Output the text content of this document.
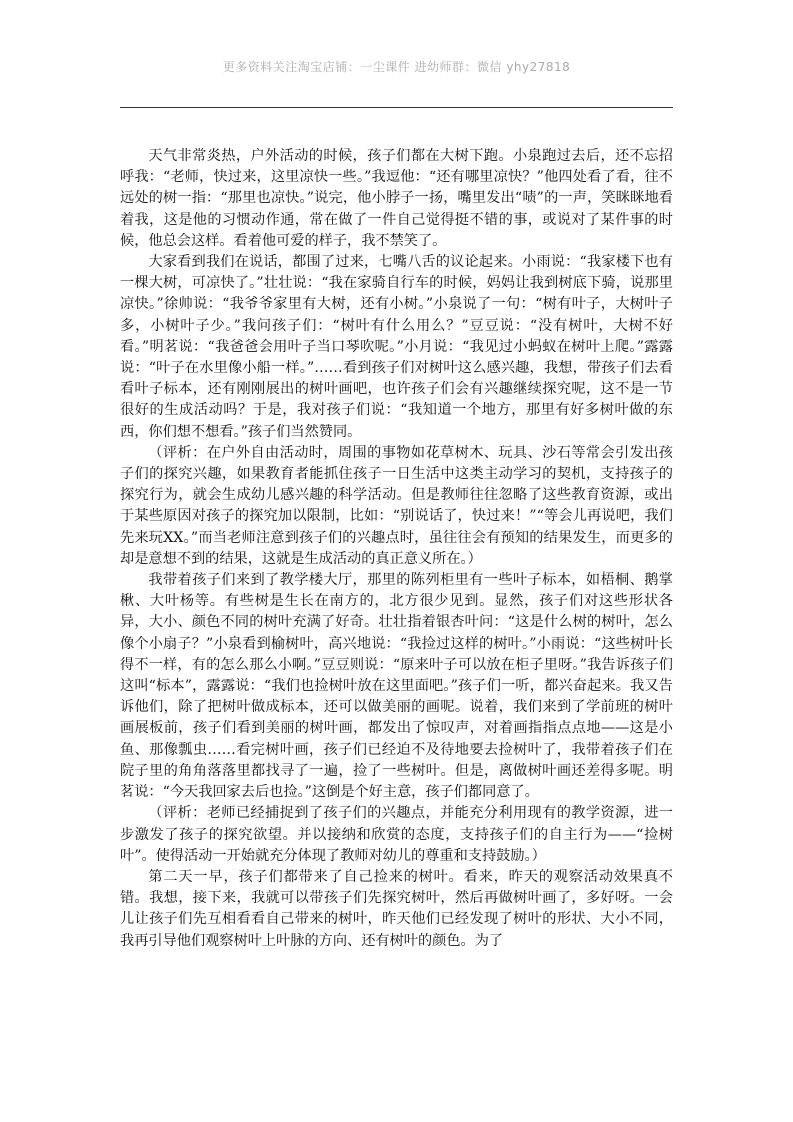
更多资料关注淘宝店铺：一尘课件 进幼师群：微信 yhy27818

天气非常炎热，户外活动的时候，孩子们都在大树下跑。小泉跑过去后，还不忘招呼我：“老师，快过来，这里凉快一些。”我逗他：“还有哪里凉快？”他四处看了看，往不远处的树一指：“那里也凉快。”说完，他小脖子一扬，嘴里发出“啧”的一声，笑眯眯地看着我，这是他的习惯动作通，常在做了一件自己觉得挺不错的事，或说对了某件事的时候，他总会这样。看着他可爱的样子，我不禁笑了。

大家看到我们在说话，都围了过来，七嘴八舌的议论起来。小雨说：“我家楼下也有一棵大树，可凉快了。”壮壮说：“我在家骑自行车的时候，妈妈让我到树底下骑，说那里凉快。”徐帅说：“我爷爷家里有大树，还有小树。”小泉说了一句：“树有叶子，大树叶子多，小树叶子少。”我问孩子们：“树叶有什么用么？”豆豆说：“没有树叶，大树不好看。”明茗说：“我爸爸会用叶子当口琴吹呢。”小月说：“我见过小蚂蚁在树叶上爬。”露露说：“叶子在水里像小船一样。”……看到孩子们对树叶这么感兴趣，我想，带孩子们去看看叶子标本，还有刚刚展出的树叶画吧，也许孩子们会有兴趣继续探究呢，这不是一节很好的生成活动吗？于是，我对孩子们说：“我知道一个地方，那里有好多树叶做的东西，你们想不想看。”孩子们当然赞同。

（评析：在户外自由活动时，周围的事物如花草树木、玩具、沙石等常会引发出孩子们的探究兴趣，如果教育者能抓住孩子一日生活中这类主动学习的契机，支持孩子的探究行为，就会生成幼儿感兴趣的科学活动。但是教师往往忽略了这些教育资源，或出于某些原因对孩子的探究加以限制，比如：“别说话了，快过来！”“等会儿再说吧，我们先来玩XX。”而当老师注意到孩子们的兴趣点时，虽往往会有预知的结果发生，而更多的却是意想不到的结果，这就是生成活动的真正意义所在。）

我带着孩子们来到了教学楼大厅，那里的陈列柜里有一些叶子标本，如梧桐、鹅掌楸、大叶杨等。有些树是生长在南方的，北方很少见到。显然，孩子们对这些形状各异，大小、颜色不同的树叶充满了好奇。壮壮指着银杏叶问：“这是什么树的树叶，怎么像个小扇子？”小泉看到榆树叶，高兴地说：“我捡过这样的树叶。”小雨说：“这些树叶长得不一样，有的怎么那么小啊。”豆豆则说：“原来叶子可以放在柜子里呀。”我告诉孩子们这叫“标本”，露露说：“我们也捡树叶放在这里面吧。”孩子们一听，都兴奋起来。我又告诉他们，除了把树叶做成标本，还可以做美丽的画呢。说着，我们来到了学前班的树叶画展板前，孩子们看到美丽的树叶画，都发出了惊叹声，对着画指指点点地——这是小鱼、那像瓢虫……看完树叶画，孩子们已经迫不及待地要去捡树叶了，我带着孩子们在院子里的角角落落里都找寻了一遍，捡了一些树叶。但是，离做树叶画还差得多呢。明茗说：“今天我回家去后也捡。”这倒是个好主意，孩子们都同意了。

（评析：老师已经捕捉到了孩子们的兴趣点，并能充分利用现有的教学资源，进一步激发了孩子的探究欲望。并以接纳和欣赏的态度，支持孩子们的自主行为——“捡树叶”。使得活动一开始就充分体现了教师对幼儿的尊重和支持鼓励。）

第二天一早，孩子们都带来了自己捡来的树叶。看来，昨天的观察活动效果真不错。我想，接下来，我就可以带孩子们先探究树叶，然后再做树叶画了，多好呀。一会儿让孩子们先互相看看自己带来的树叶，昨天他们已经发现了树叶的形状、大小不同，我再引导他们观察树叶上叶脉的方向、还有树叶的颜色。为了
